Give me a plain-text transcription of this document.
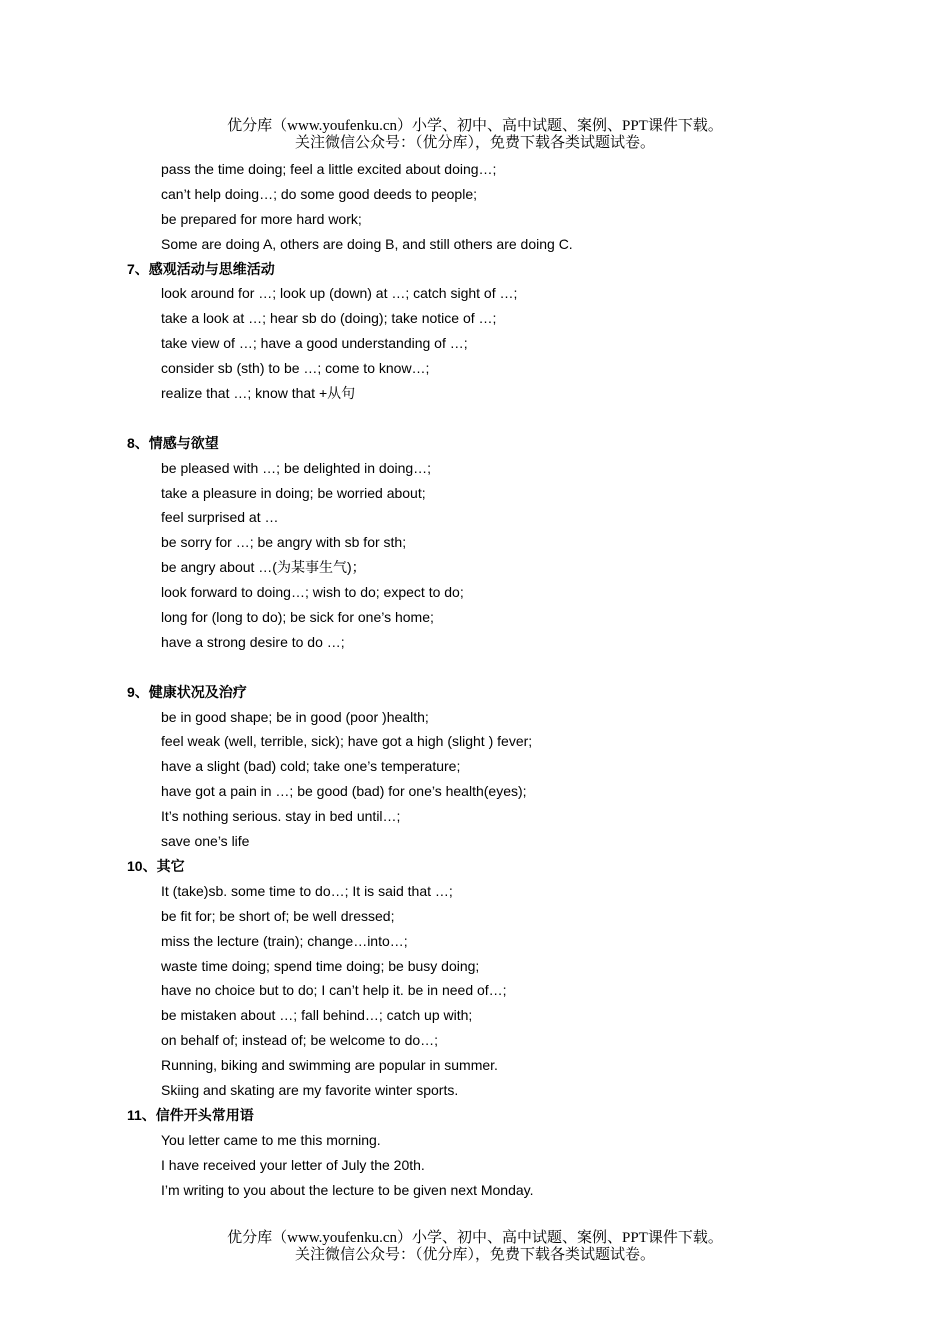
优分库（www.youfenku.cn）小学、初中、高中试题、案例、PPT课件下载。
关注微信公众号：（优分库），免费下载各类试题试卷。
pass the time doing; feel a little excited about doing…;
can’t help doing…; do some good deeds to people;
be prepared for more hard work;
Some are doing A, others are doing B, and still others are doing C.
7、感观活动与思维活动
look around for …; look up (down) at …; catch sight of …;
take a look at …; hear sb do (doing); take notice of …;
take view of …; have a good understanding of …;
consider sb (sth) to be …; come to know…;
realize that …; know that +从句
8、情感与欲望
be pleased with …; be delighted in doing…;
take a pleasure in doing; be worried about;
feel surprised at …
be sorry for …; be angry with sb for sth;
be angry about …(为某事生气)；
look forward to doing…; wish to do; expect to do;
long for (long to do); be sick for one’s home;
have a strong desire to do …;
9、健康状况及治疗
be in good shape; be in good (poor )health;
feel weak (well, terrible, sick); have got a high (slight ) fever;
have a slight (bad) cold; take one’s temperature;
have got a pain in …; be good (bad) for one’s health(eyes);
It’s nothing serious. stay in bed until…;
save one’s life
10、其它
It (take)sb. some time to do…; It is said that …;
be fit for; be short of; be well dressed;
miss the lecture (train); change…into…;
waste time doing; spend time doing; be busy doing;
have no choice but to do; I can’t help it. be in need of…;
be mistaken about …; fall behind…; catch up with;
on behalf of; instead of; be welcome to do…;
Running, biking and swimming are popular in summer.
Skiing and skating are my favorite winter sports.
11、信件开头常用语
You letter came to me this morning.
I have received your letter of July the 20th.
I’m writing to you about the lecture to be given next Monday.
优分库（www.youfenku.cn）小学、初中、高中试题、案例、PPT课件下载。
关注微信公众号：（优分库），免费下载各类试题试卷。
